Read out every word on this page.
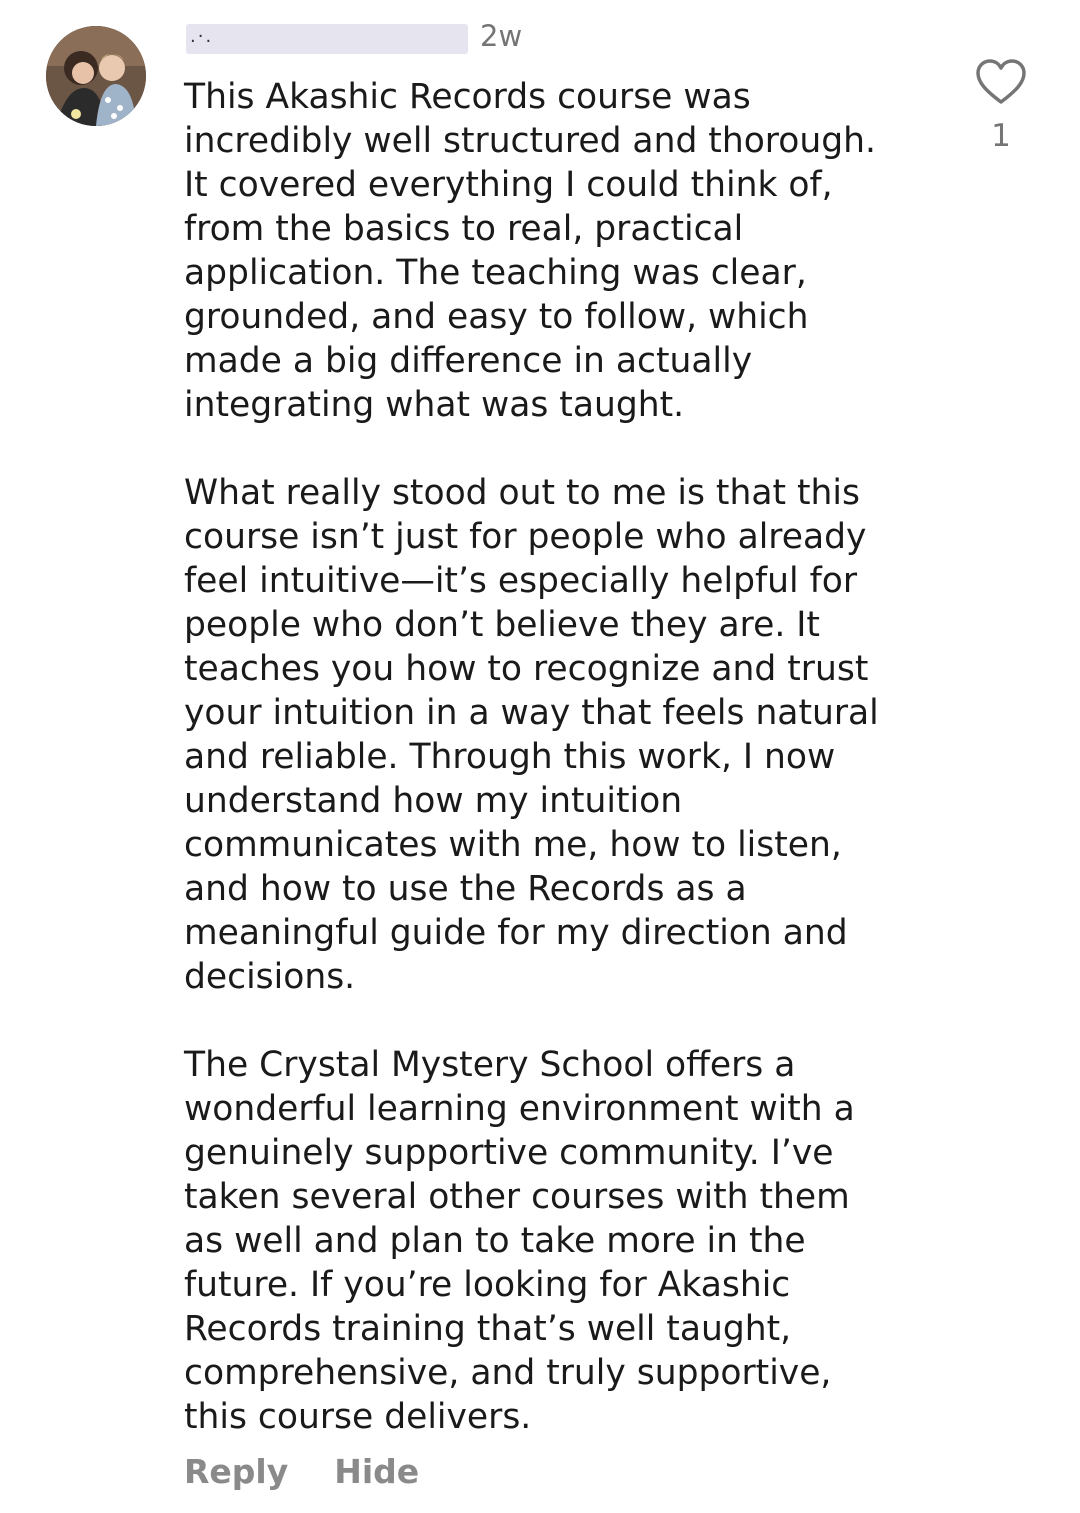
.·.	2w

This Akashic Records course was
incredibly well structured and thorough.
It covered everything I could think of,
from the basics to real, practical
application. The teaching was clear,
grounded, and easy to follow, which
made a big difference in actually
integrating what was taught.

What really stood out to me is that this
course isn’t just for people who already
feel intuitive—it’s especially helpful for
people who don’t believe they are. It
teaches you how to recognize and trust
your intuition in a way that feels natural
and reliable. Through this work, I now
understand how my intuition
communicates with me, how to listen,
and how to use the Records as a
meaningful guide for my direction and
decisions.

The Crystal Mystery School offers a
wonderful learning environment with a
genuinely supportive community. I’ve
taken several other courses with them
as well and plan to take more in the
future. If you’re looking for Akashic
Records training that’s well taught,
comprehensive, and truly supportive,
this course delivers.

1
Reply Hide
